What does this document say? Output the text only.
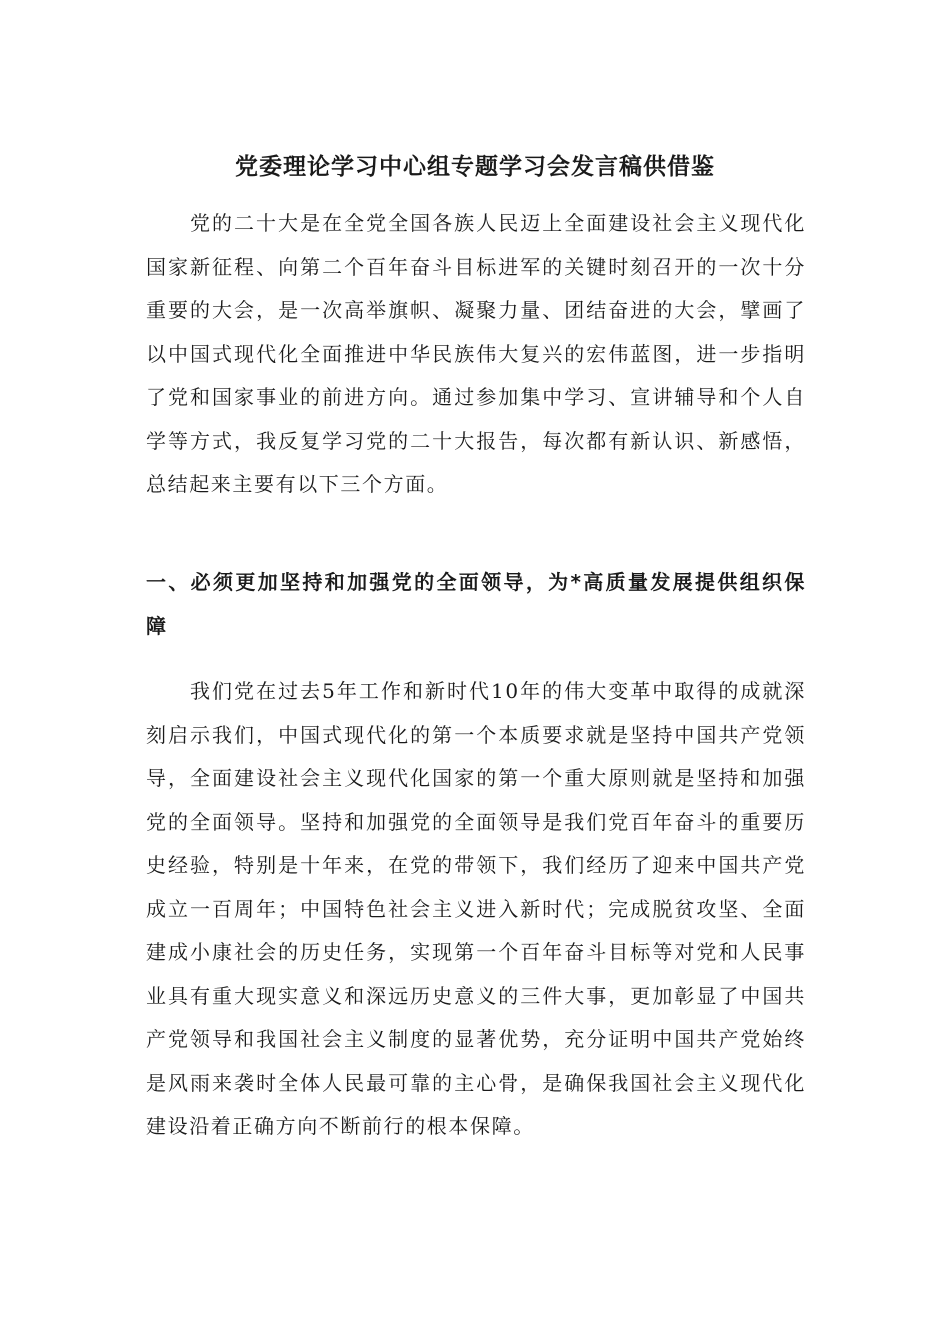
党委理论学习中心组专题学习会发言稿供借鉴

党的二十大是在全党全国各族人民迈上全面建设社会主义现代化国家新征程、向第二个百年奋斗目标进军的关键时刻召开的一次十分重要的大会，是一次高举旗帜、凝聚力量、团结奋进的大会，擘画了以中国式现代化全面推进中华民族伟大复兴的宏伟蓝图，进一步指明了党和国家事业的前进方向。通过参加集中学习、宣讲辅导和个人自学等方式，我反复学习党的二十大报告，每次都有新认识、新感悟，总结起来主要有以下三个方面。

一、必须更加坚持和加强党的全面领导，为*高质量发展提供组织保障

我们党在过去5年工作和新时代10年的伟大变革中取得的成就深刻启示我们，中国式现代化的第一个本质要求就是坚持中国共产党领导，全面建设社会主义现代化国家的第一个重大原则就是坚持和加强党的全面领导。坚持和加强党的全面领导是我们党百年奋斗的重要历史经验，特别是十年来，在党的带领下，我们经历了迎来中国共产党成立一百周年；中国特色社会主义进入新时代；完成脱贫攻坚、全面建成小康社会的历史任务，实现第一个百年奋斗目标等对党和人民事业具有重大现实意义和深远历史意义的三件大事，更加彰显了中国共产党领导和我国社会主义制度的显著优势，充分证明中国共产党始终是风雨来袭时全体人民最可靠的主心骨，是确保我国社会主义现代化建设沿着正确方向不断前行的根本保障。
